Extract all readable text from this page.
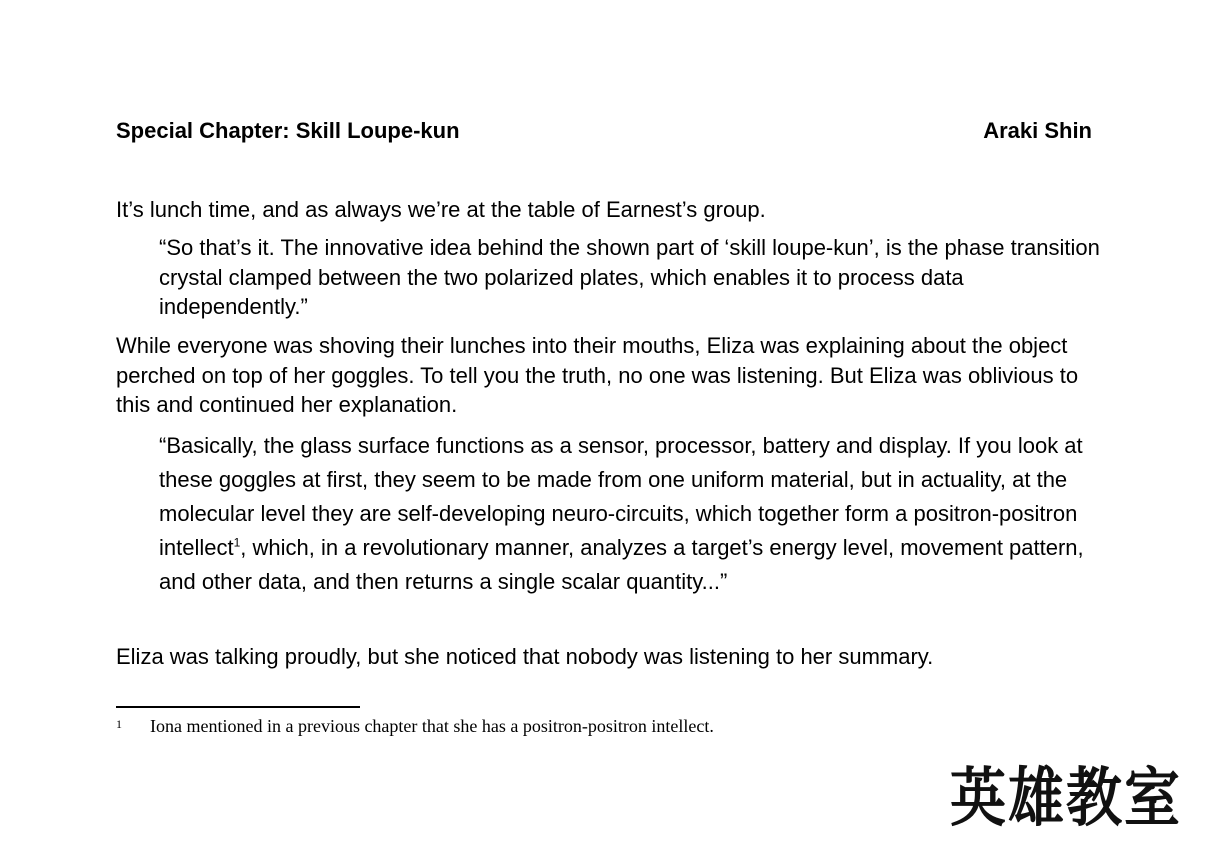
Special Chapter: Skill Loupe-kun	Araki Shin

It’s lunch time, and as always we’re at the table of Earnest’s group.

“So that’s it. The innovative idea behind the shown part of ‘skill loupe-kun’, is the phase transition crystal clamped between the two polarized plates, which enables it to process data independently.”

While everyone was shoving their lunches into their mouths, Eliza was explaining about the object perched on top of her goggles. To tell you the truth, no one was listening. But Eliza was oblivious to this and continued her explanation.

“Basically, the glass surface functions as a sensor, processor, battery and display. If you look at these goggles at first, they seem to be made from one uniform material, but in actuality, at the molecular level they are self-developing neuro-circuits, which together form a positron-positron intellect$^1$, which, in a revolutionary manner, analyzes a target’s energy level, movement pattern, and other data, and then returns a single scalar quantity...”

Eliza was talking proudly, but she noticed that nobody was listening to her summary.

1 Iona mentioned in a previous chapter that she has a positron-positron intellect.
英雄教室
